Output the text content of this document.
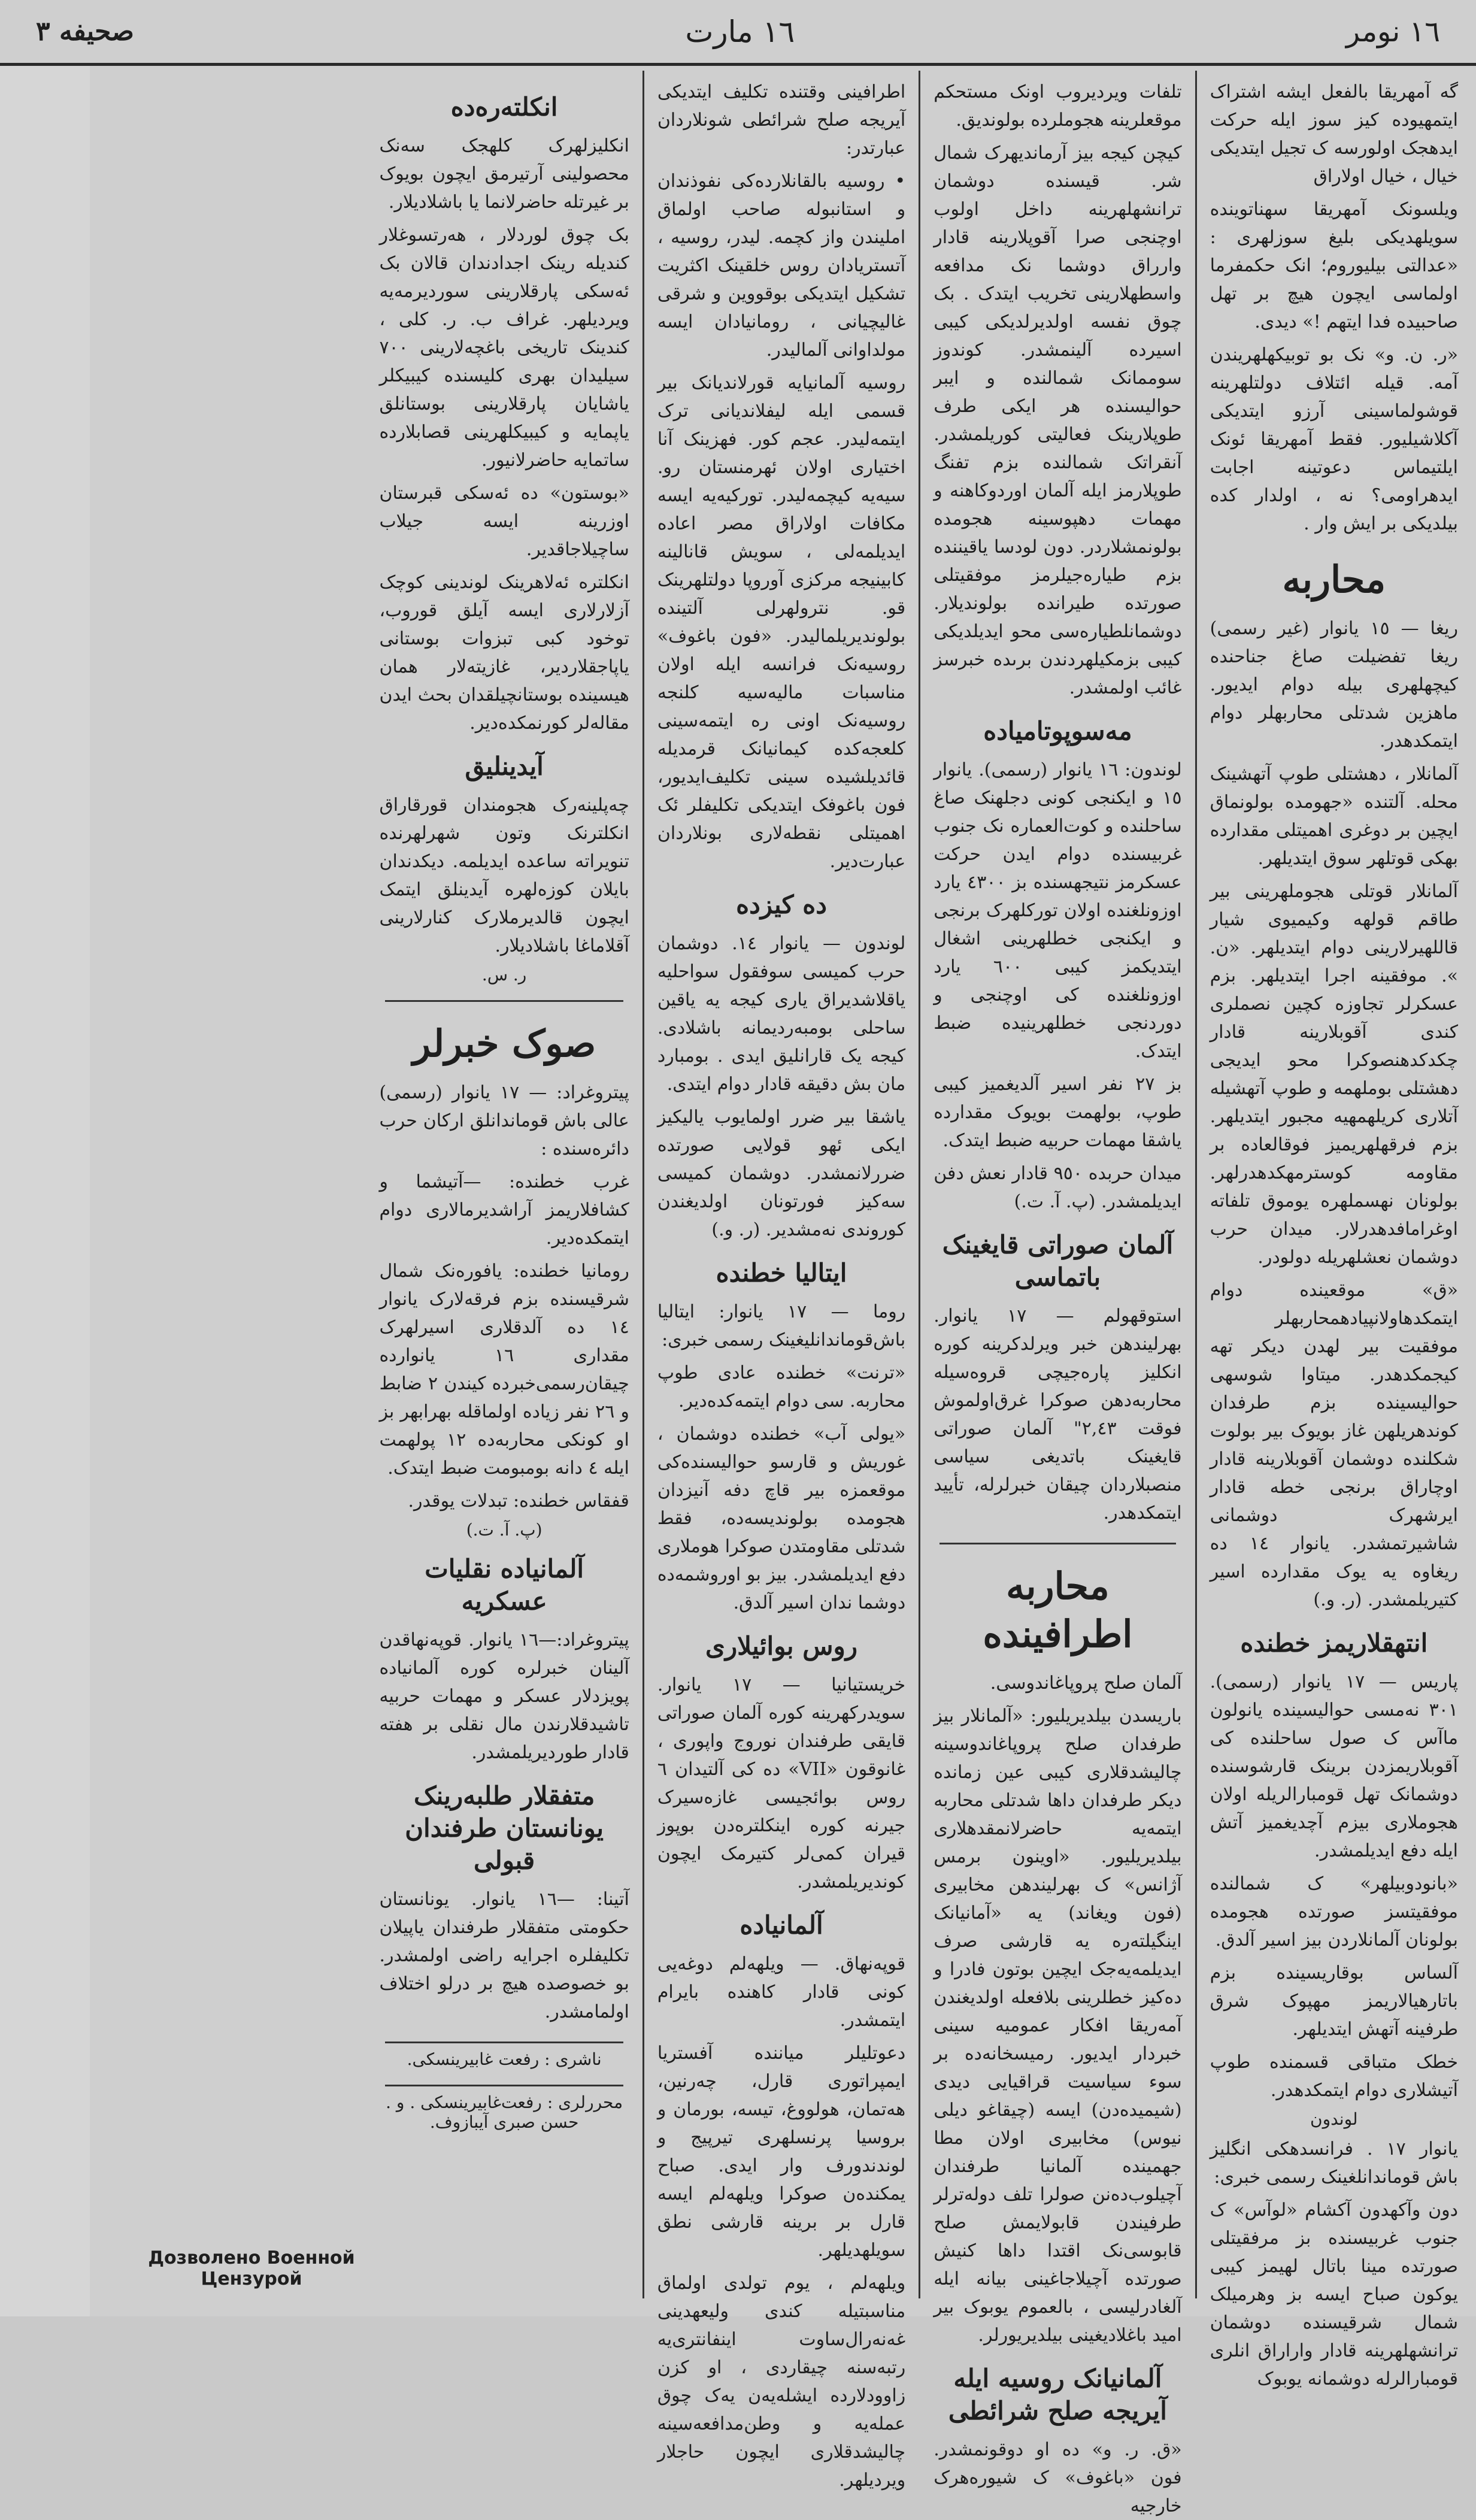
١٦ نومر
١٦ مارت
صحیفه ٣
گه آمهریقا بالفعل ایشه اشتراک ایتمهیوده کیز سوز ایله حرکت ایدهجک اولورسه ک تجیل ایتدیکی خیال ، خیال اولاراق
ویلسونک آمهریقا سهناتوینده سویلهدیکی بلیغ سوزلهری : «عدالتی بیلیوروم؛ انک حکمفرما اولماسی ایچون هیچ بر تهل صاحبیده فدا ایتهم !» دیدی.
«ر. ن. و» نک بو توبیکهلهریندن آمه. قیله ائتلاف دولتلهرینه قوشولماسینی آرزو ایتدیکی آکلاشیلیور. فقط آمهریقا ئونک ایلتیماس دعوتینه اجابت ایدهراومی؟ نه ، اولدار کده بیلدیکی بر ایش وار .
محاربه
ریغا — ١٥ یانوار (غیر رسمی) ریغا تفضیلت صاغ جناحنده کیچهلهری بیله دوام ایدیور. ماهزین شدتلی محاربهلر دوام ایتمکدهدر.
آلمانلار ، دهشتلی طوپ آتهشینک محله. آلتنده «جهومده بولونماق ایچین بر دوغری اهمیتلی مقدارده بهکی قوتلهر سوق ایتدیلهر.
آلمانلار قوتلی هجوملهرینی بیر طاقم قولهه وکیمیوی شیار قاللهیرلارینی دوام ایتدیلهر. «ن. ». موفقینه اجرا ایتدیلهر. بزم عسکرلر تجاوزه کچین نصملری کندی آقوبلارینه قادار چکدکدهنصوکرا محو ایدیجی دهشتلی بوملهمه و طوپ آتهشیله آتلاری کریلهمهیه مجبور ایتدیلهر. بزم فرقهلهریمیز فوقالعاده بر مقاومه کوسترمهکدهدرلهر. بولونان نهسملهره یوموق تلفاته اوغرامافدهدرلار. میدان حرب دوشمان نعشلهریله دولودر.
«ق» موقعینده دوام ایتمکدهاولانپیادهمحاربهلر موفقیت بیر لهدن دیکر تهه کیجمکدهدر. میتاوا شوسهی حوالیسینده بزم طرفدان کوندهریلهن غاز بویوک بیر بولوت شکلنده دوشمان آقوبلارینه قادار اوچاراق برنجی خطه قادار ایرشهرک دوشمانی شاشیرتمشدر. یانوار ١٤ ده ریغاوه یه یوک مقدارده اسیر کتیریلمشدر. (ر. و.)
انتهقلاریمز خطنده
پاریس — ١٧ یانوار (رسمی). ٣٠١ نه‌مسی حوالیسینده یانولون ماآس ک صول ساحلنده کی آقوبلاریمزدن برینک قارشوسنده دوشمانک تهل قومبارالریله اولان هجوملاری بیزم آچدیغمیز آتش ایله دفع ایدیلمشدر.
«بانودوبیلهر» ک شمالنده موفقیتسز صورتده هجومده بولونان آلمانلاردن بیز اسیر آلدق.
آلساس بوقاریسینده بزم باتارهیالاریمز مهپوک شرق طرفینه آتهش ایتدیلهر.
خطک متباقی قسمنده طوپ آتیشلاری دوام ایتمکدهدر.
لوندون
یانوار ١٧ . فرانسدهکی انگلیز باش قوماندانلغینک رسمی خبری:
دون وآکهدون آکشام «لوآس» ک جنوب غربیسنده بز مرفقیتلی صورتده مینا باتال لهیمز کیبی یوکون صباح ایسه بز وهرمیلک شمال شرقیسنده دوشمان ترانشهلهرینه قادار واراراق انلری قومبارالرله دوشمانه یوبوک
تلفات ویردیروب اونک مستحکم موقعلرینه هجوملرده بولوندیق.
کیچن کیجه بیز آرماندیهرک شمال شر. قیسنده دوشمان ترانشهلهرینه داخل اولوب اوچنجی صرا آقوپلارینه قادار وارراق دوشما نک مدافعه واسطهلارینی تخریب ایتدک . بک چوق نفسه اولدیرلدیکی کیبی اسیرده آلینمشدر. کوندوز سوممانک شمالنده و ایبر حوالیسنده هر ایکی طرف طوپلارینک فعالیتی کوریلمشدر. آنقراتک شمالنده بزم تفنگ طوپلارمز ایله آلمان اوردوکاهنه و مهمات دهپوسینه هجومده بولونمشلاردر. دون لودسا یاقیننده بزم طیاره‌جیلرمز موفقیتلی صورتده طیرانده بولوندیلار. دوشمانلطیاره‌سی محو ایدیلدیکی کیبی بزمکیلهردندن برىده خبرسز غائب اولمشدر.
مه‌سوپوتامیاده
لوندون: ١٦ یانوار (رسمی). یانوار ١٥ و ایکنجی کونی دجلهنک صاغ ساحلنده و کوت‌العماره نک جنوب غربیسنده دوام ایدن حرکت عسکرمز نتیجهسنده بز ٤٣٠٠ یارد اوزونلغنده اولان تورکلهرک برنجی و ایکنجی خطلهرینی اشغال ایتدیکمز کیبی ٦٠٠ یارد اوزونلغنده کی اوچنجی و دوردنجی خطلهرینیده ضبط ایتدک.
بز ٢٧ نفر اسیر آلدیغمیز کیبی طوپ، بولهمت بویوک مقدارده یاشقا مهمات حربیه ضبط ایتدک.
میدان حربده ٩٥٠ قادار نعش دفن ایدیلمشدر. (پ. آ. ت.)
آلمان صوراتی قایغینک باتماسی
استوقهولم — ١٧ یانوار. بهرلیندهن خبر ویرلدکرینه کوره انکلیز پاره‌جیچی قروه‌سیله محاربه‌دهن صوکرا غرق‌اولموش فوقت ٢,٤٣" آلمان صوراتی قایغینک باتدیغی سیاسی منصبلاردان چیقان خبرلرله، تأیید ایتمکدهدر.
محاربه اطرافینده
آلمان صلح پروپاغاندوسی.
باریسدن بیلدیریلیور: «آلمانلار بیز طرفدان صلح پروپاغاندوسینه چالیشدقلاری کیبی عین زمانده دیکر طرفدان داها شدتلی محاربه ایتمه‌یه حاضرلانمقدهلاری بیلدیریلیور. «اوینون برمس آژانس» ک بهرلیندهن مخابیری (فون ویغاند) یه «آمانیانک اینگیلته‌ره یه قارشی صرف ایدیلمه‌یه‌جک ایچین بوتون فادرا و ده‌کیز خطلرینی بلافعله اولدیغندن آمه‌ریقا افکار عمومیه سینی خبردار ایدیور. رمیسخانه‌ده بر سوء سیاسیت قراقیایی دیدی (شیمیده‌دن) ایسه (چیقاغو دیلی نیوس) مخابیری اولان مطا جهمینده آلمانیا طرفندان آچیلوب‌ده‌نن صولرا تلف دوله‌ترلر طرفیندن قابولایمش صلح قابوسی‌نک اقتدا داها کنیش صورتده آچیلاجاغینی بیانه ایله آلغادرلیسی ، بالعموم یوبوک بیر امید باغلادیغینی بیلدیریورلر.
آلمانیانک روسیه ایله آیریجه صلح شرائطی
«ق. ر. و» ده او دوقونمشدر. فون «باغوف» ک شیوره‌هرک خارجیه
اطرافینی وقتنده تکلیف ایتدیکی آیریجه صلح شرائطی شونلاردان عبارتدر:
• روسیه بالقانلارده‌کی نفوذندان و استانبوله صاحب اولماق املیندن واز کچمه. لیدر، روسیه ، آتستریادان روس خلقینک اکثریت تشکیل ایتدیکی بوقووین و شرقی غالیچیانی ، رومانیادان ایسه مولداوانی آلمالیدر.
روسیه آلمانیایه قورلاندیانک بیر قسمی ایله لیفلاندیانی ترک ایتمه‌لیدر. عجم کور. فهزینک آنا اختیاری اولان ئهرمنستان رو. سیه‌یه کیچمه‌لیدر. تورکیه‌یه ایسه مکافات اولاراق مصر اعاده ایدیلمه‌لی ، سویش قانالینه کابینیجه مرکزی آوروپا دولتلهرینک قو. نترولهرلی آلتینده بولوندیریلمالیدر. «فون باغوف» روسیه‌نک فرانسه ایله اولان مناسبات مالیه‌سیه کلنجه روسیه‌نک اونی ره ایتمه‌سینی کلعجه‌کده کیمانیانک قرمدیله قائدیلشیده سینی تکلیف‌ایدیور، فون باغوفک ایتدیکی تکلیفلر ئک اهمیتلی نقطه‌لاری بونلاردان عبارت‌دیر.
ده‌ کیزده
لوندون — یانوار ١٤. دوشمان حرب کمیسی سوفقول سواحلیه یاقلاشدیراق یاری کیجه یه یاقین ساحلی بومبه‌ردیمانه باشلادی. کیجه یک قارانلیق ایدی . بومبارد مان بش دقیقه قادار دوام ایتدی.
یاشقا بیر ضرر اولمایوب یالیکیز ایکی ئهو قولایی صورتده ضررلانمشدر. دوشمان کمیسی سه‌کیز فورتونان اولدیغندن کوروندی نه‌مشدیر. (ر. و.)
ایتالیا خطنده
روما — ١٧ یانوار: ایتالیا باش‌قوماندانلیغینک رسمی خبری:
«ترنت» خطنده عادی طوپ محاربه. سی دوام ایتمه‌کده‌دیر.
«یولی آب» خطنده دوشمان ، غوریش و قارسو حوالیسنده‌کی موقعمزه بیر قاچ دفه آنیزدان هجومده بولوندیسه‌ده، فقط شدتلی مقاومتدن صوکرا هوملاری دفع ایدیلمشدر. بیز بو اوروشمه‌ده دوشما ندان اسیر آلدق.
روس بوا‌ئیلاری
خریستیانیا — ١٧ یانوار. سویدرکهرینه کوره آلمان صوراتی قایقی طرفندان نوروج واپوری ، غانوقون «VII» ده کی آلتیدان ٦ روس بوائجیسی غازه‌سیرک جیرنه کوره اینکلتره‌دن بوپوز قیران کمی‌لر کتیرمک ایچون کوندیریلمشدر.
آلمانیاده
قوپه‌نهاق. — ویلهه‌لم دوغه‌یی کونی قادار کاهنده بایرام ایتمشدر.
دعوتلیلر میاننده آفستریا ایمپراتوری قارل، چه‌رنین، هه‌تمان، هولووغ، تیسه، بورمان و بروسیا پرنسلهری تیرپیج و لوندندورف وار ایدی. صباح یمکنده‌ن صوکرا ویلهه‌لم ایسه قارل بر برینه قارشی نطق سویلهدیلهر.
ویلهه‌لم ، یوم تولدی اولماق مناسبتیله کندی ولیعهدینی غه‌نه‌رال‌ساوت ‌اینفانتری‌یه رتبه‌سنه چیقاردی ، او کزن زاوودلارده ایشله‌یه‌ن یه‌ک چوق عمله‌یه و وطن‌مدافعه‌سینه چالیشدقلاری ایچون حاجلار ویردیلهر.
انکلته‌ره‌ده
انکلیزلهرک کلهجک سه‌نک محصولینی آرتیرمق ایچون بویوک بر غیرتله حاضرلانما یا باشلادیلار.
بک چوق لوردلار ، هه‌رتسوغلار کندیله رینک اجدادندان قالان بک ئه‌سکی پارقلارینی سوردیرمه‌یه ویردیلهر. غراف ب. ر. کلی ، کندینک تاریخی باغچه‌لارینی ٧٠٠ سیلیدان بهری کلیسنده کیبیکلر یاشایان پارقلارینی بوستانلق یاپمایه و کیبیکلهرینی قصابلارده ساتمایه حاضرلانیور.
«بوستون» ده ئه‌سکی قبرستان اوزرینه ایسه جیلاب ساچیلاجاقدیر.
انکلتره ئه‌لاهرینک لوندینی کوچک آزلارلاری ایسه آیلق قوروب، توخود کبی تبزوات بوستانی یاپاجقلاردیر، غازیته‌لار همان هیسینده بوستانچیلقدان بحث ایدن مقاله‌لر کورنمکده‌دیر.
آیدینلیق
چه‌پلینه‌رک هجومندان قورقاراق انکلترنک وتون شهرلهرنده تنویراته ساعده ایدیلمه. دیکدندان بایلان کوزه‌لهره آیدینلق ایتمک ایچون قالدیرملارک کنارلارینی آقلاماغا باشلادیلار.
ر. س.
صوک خبرلر
پیتروغراد: — ١٧ یانوار (رسمی) عالی باش قوماندانلق ارکان حرب دائره‌سنده :
غرب خطنده: —آتیشما و کشافلاریمز آراشدیرمالاری دوام ایتمکده‌دیر.
رومانیا خطنده: یافوره‌نک شمال شرقیسنده بزم فرقه‌لارک یانوار ١٤ ده آلدقلاری اسیرلهرک مقداری ١٦ یانوارده چیقان‌رسمی‌خبرده کیندن ٢ ضابط و ٢٦ نفر زیاده اولماقله بهرابهر بز او کونکی محاربه‌ده ١٢ پولهمت ایله ٤ دانه بومبومت ضبط ایتدک.
قفقاس خطنده: تبدلات یوقدر.
(پ. آ. ت.)
آلمانیاده نقلیات عسکریه
پیتروغراد:—١٦ یانوار. قوپه‌نهاقدن آلینان خبرلره کوره آلمانیاده پویزدلار عسکر و مهمات حربیه تاشیدقلارندن مال نقلی بر هفته قادار طوردیریلمشدر.
متفقلار طلبه‌رینک یونانستان طرفندان قبولی
آتینا: —١٦ یانوار. یونانستان حکومتی متفقلار طرفندان یاپیلان تکلیفلره اجرایه راضی اولمشدر. بو خصوصده هیچ بر درلو اختلاف اولمامشدر.
ناشری : رفعت غابیرینسکی.
محررلری : رفعت‌غابیرینسکی . و . حسن صبری آیبازوف.
Дозволено Военной Цензурой
